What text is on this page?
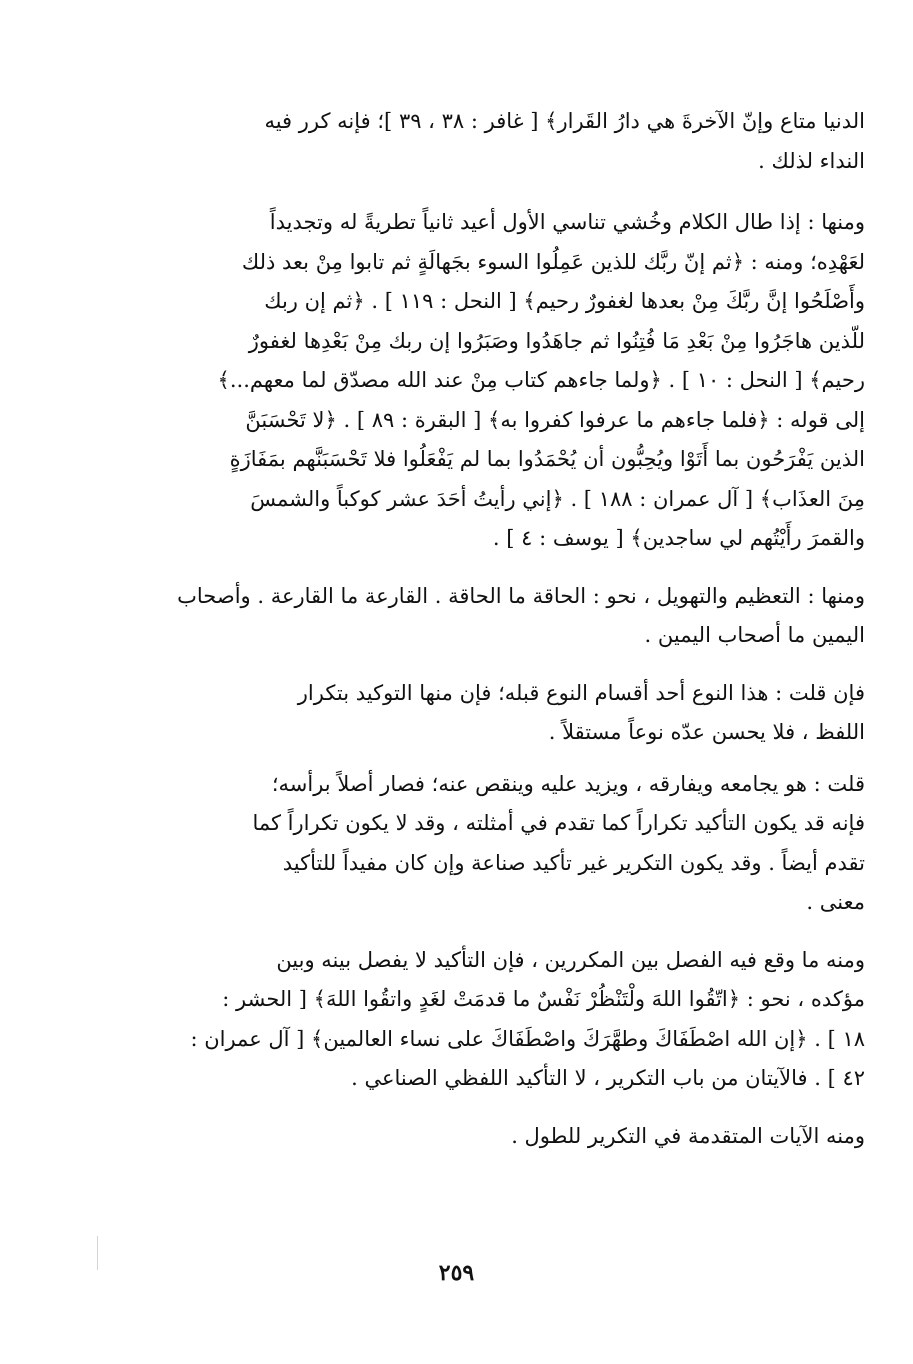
الدنيا متاع وإنّ الآخرةَ هي دارُ القَرار﴾ [ غافر : ٣٨ ، ٣٩ ]؛ فإنه كرر فيه
النداء لذلك .

ومنها : إذا طال الكلام وخُشي تناسي الأول أعيد ثانياً تطريةً له وتجديداً
لعَهْدِه؛ ومنه : ﴿ثم إنّ ربَّك للذين عَمِلُوا السوء بجَهالَةٍ ثم تابوا مِنْ بعد ذلك
وأَصْلَحُوا إنَّ ربَّكَ مِنْ بعدها لغفورٌ رحيم﴾ [ النحل : ١١٩ ] . ﴿ثم إن ربك
للّذين هاجَرُوا مِنْ بَعْدِ مَا فُتِنُوا ثم جاهَدُوا وصَبَرُوا إن ربك مِنْ بَعْدِها لغفورٌ
رحيم﴾ [ النحل : ١٠ ] . ﴿ولما جاءهم كتاب مِنْ عند الله مصدّق لما معهم...﴾
إلى قوله : ﴿فلما جاءهم ما عرفوا كفروا به﴾ [ البقرة : ٨٩ ] . ﴿لا تَحْسَبَنَّ
الذين يَفْرَحُون بما أَتَوْا ويُحِبُّون أن يُحْمَدُوا بما لم يَفْعَلُوا فلا تَحْسَبَنَّهم بمَفَازَةٍ
مِنَ العذَاب﴾ [ آل عمران : ١٨٨ ] . ﴿إني رأيتُ أحَدَ عشر كوكباً والشمسَ
والقمرَ رأَيْتُهم لي ساجدين﴾ [ يوسف : ٤ ] .

ومنها : التعظيم والتهويل ، نحو : الحاقة ما الحاقة . القارعة ما القارعة . وأصحاب
اليمين ما أصحاب اليمين .

فإن قلت : هذا النوع أحد أقسام النوع قبله؛ فإن منها التوكيد بتكرار
اللفظ ، فلا يحسن عدّه نوعاً مستقلاً .

قلت : هو يجامعه ويفارقه ، ويزيد عليه وينقص عنه؛ فصار أصلاً برأسه؛
فإنه قد يكون التأكيد تكراراً كما تقدم في أمثلته ، وقد لا يكون تكراراً كما
تقدم أيضاً . وقد يكون التكرير غير تأكيد صناعة وإن كان مفيداً للتأكيد
معنى .

ومنه ما وقع فيه الفصل بين المكررين ، فإن التأكيد لا يفصل بينه وبين
مؤكده ، نحو : ﴿اتّقُوا اللهَ ولْتَنْظُرْ نَفْسٌ ما قدمَتْ لغَدٍ واتقُوا اللهَ﴾ [ الحشر :
١٨ ] . ﴿إن الله اصْطَفَاكَ وطهَّرَكَ واصْطَفَاكَ على نساء العالمين﴾ [ آل عمران :
٤٢ ] . فالآيتان من باب التكرير ، لا التأكيد اللفظي الصناعي .

ومنه الآيات المتقدمة في التكرير للطول .

٢٥٩
